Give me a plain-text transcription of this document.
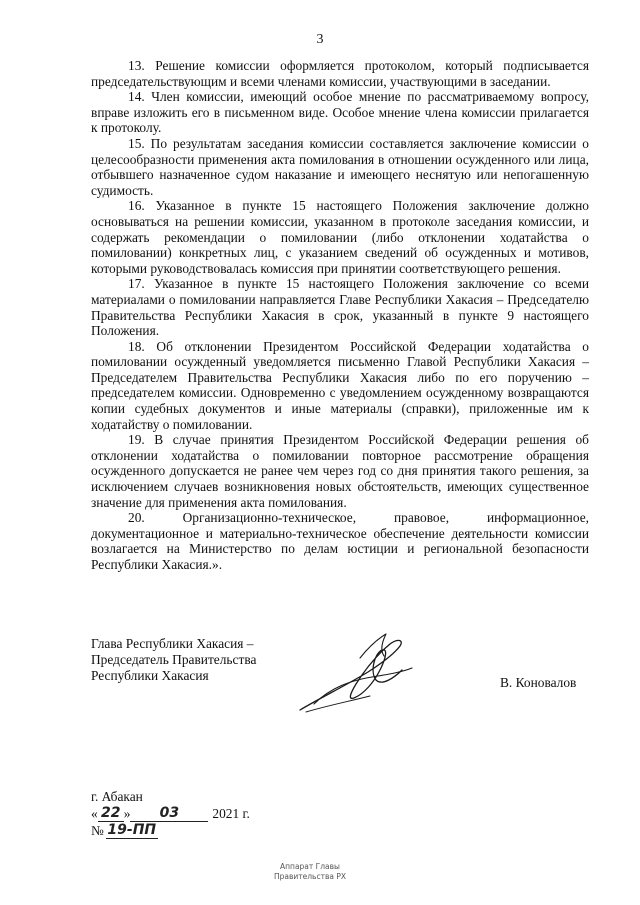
3

13. Решение комиссии оформляется протоколом, который подписывается председательствующим и всеми членами комиссии, участвующими в заседании.

14. Член комиссии, имеющий особое мнение по рассматриваемому вопросу, вправе изложить его в письменном виде. Особое мнение члена комиссии прилагается к протоколу.

15. По результатам заседания комиссии составляется заключение комиссии о целесообразности применения акта помилования в отношении осужденного или лица, отбывшего назначенное судом наказание и имеющего неснятую или непогашенную судимость.

16. Указанное в пункте 15 настоящего Положения заключение должно основываться на решении комиссии, указанном в протоколе заседания комиссии, и содержать рекомендации о помиловании (либо отклонении ходатайства о помиловании) конкретных лиц, с указанием сведений об осужденных и мотивов, которыми руководствовалась комиссия при принятии соответствующего решения.

17. Указанное в пункте 15 настоящего Положения заключение со всеми материалами о помиловании направляется Главе Республики Хакасия – Председателю Правительства Республики Хакасия в срок, указанный в пункте 9 настоящего Положения.

18. Об отклонении Президентом Российской Федерации ходатайства о помиловании осужденный уведомляется письменно Главой Республики Хакасия – Председателем Правительства Республики Хакасия либо по его поручению – председателем комиссии. Одновременно с уведомлением осужденному возвращаются копии судебных документов и иные материалы (справки), приложенные им к ходатайству о помиловании.

19. В случае принятия Президентом Российской Федерации решения об отклонении ходатайства о помиловании повторное рассмотрение обращения осужденного допускается не ранее чем через год со дня принятия такого решения, за исключением случаев возникновения новых обстоятельств, имеющих существенное значение для применения акта помилования.

20. Организационно-техническое, правовое, информационное, документационное и материально-техническое обеспечение деятельности комиссии возлагается на Министерство по делам юстиции и региональной безопасности Республики Хакасия.».

Глава Республики Хакасия –
Председатель Правительства
Республики Хакасия	В. Коновалов
г. Абакан
« 22 »	03	2021 г.
№ 19-ПП
Аппарат Главы
Правительства РХ
